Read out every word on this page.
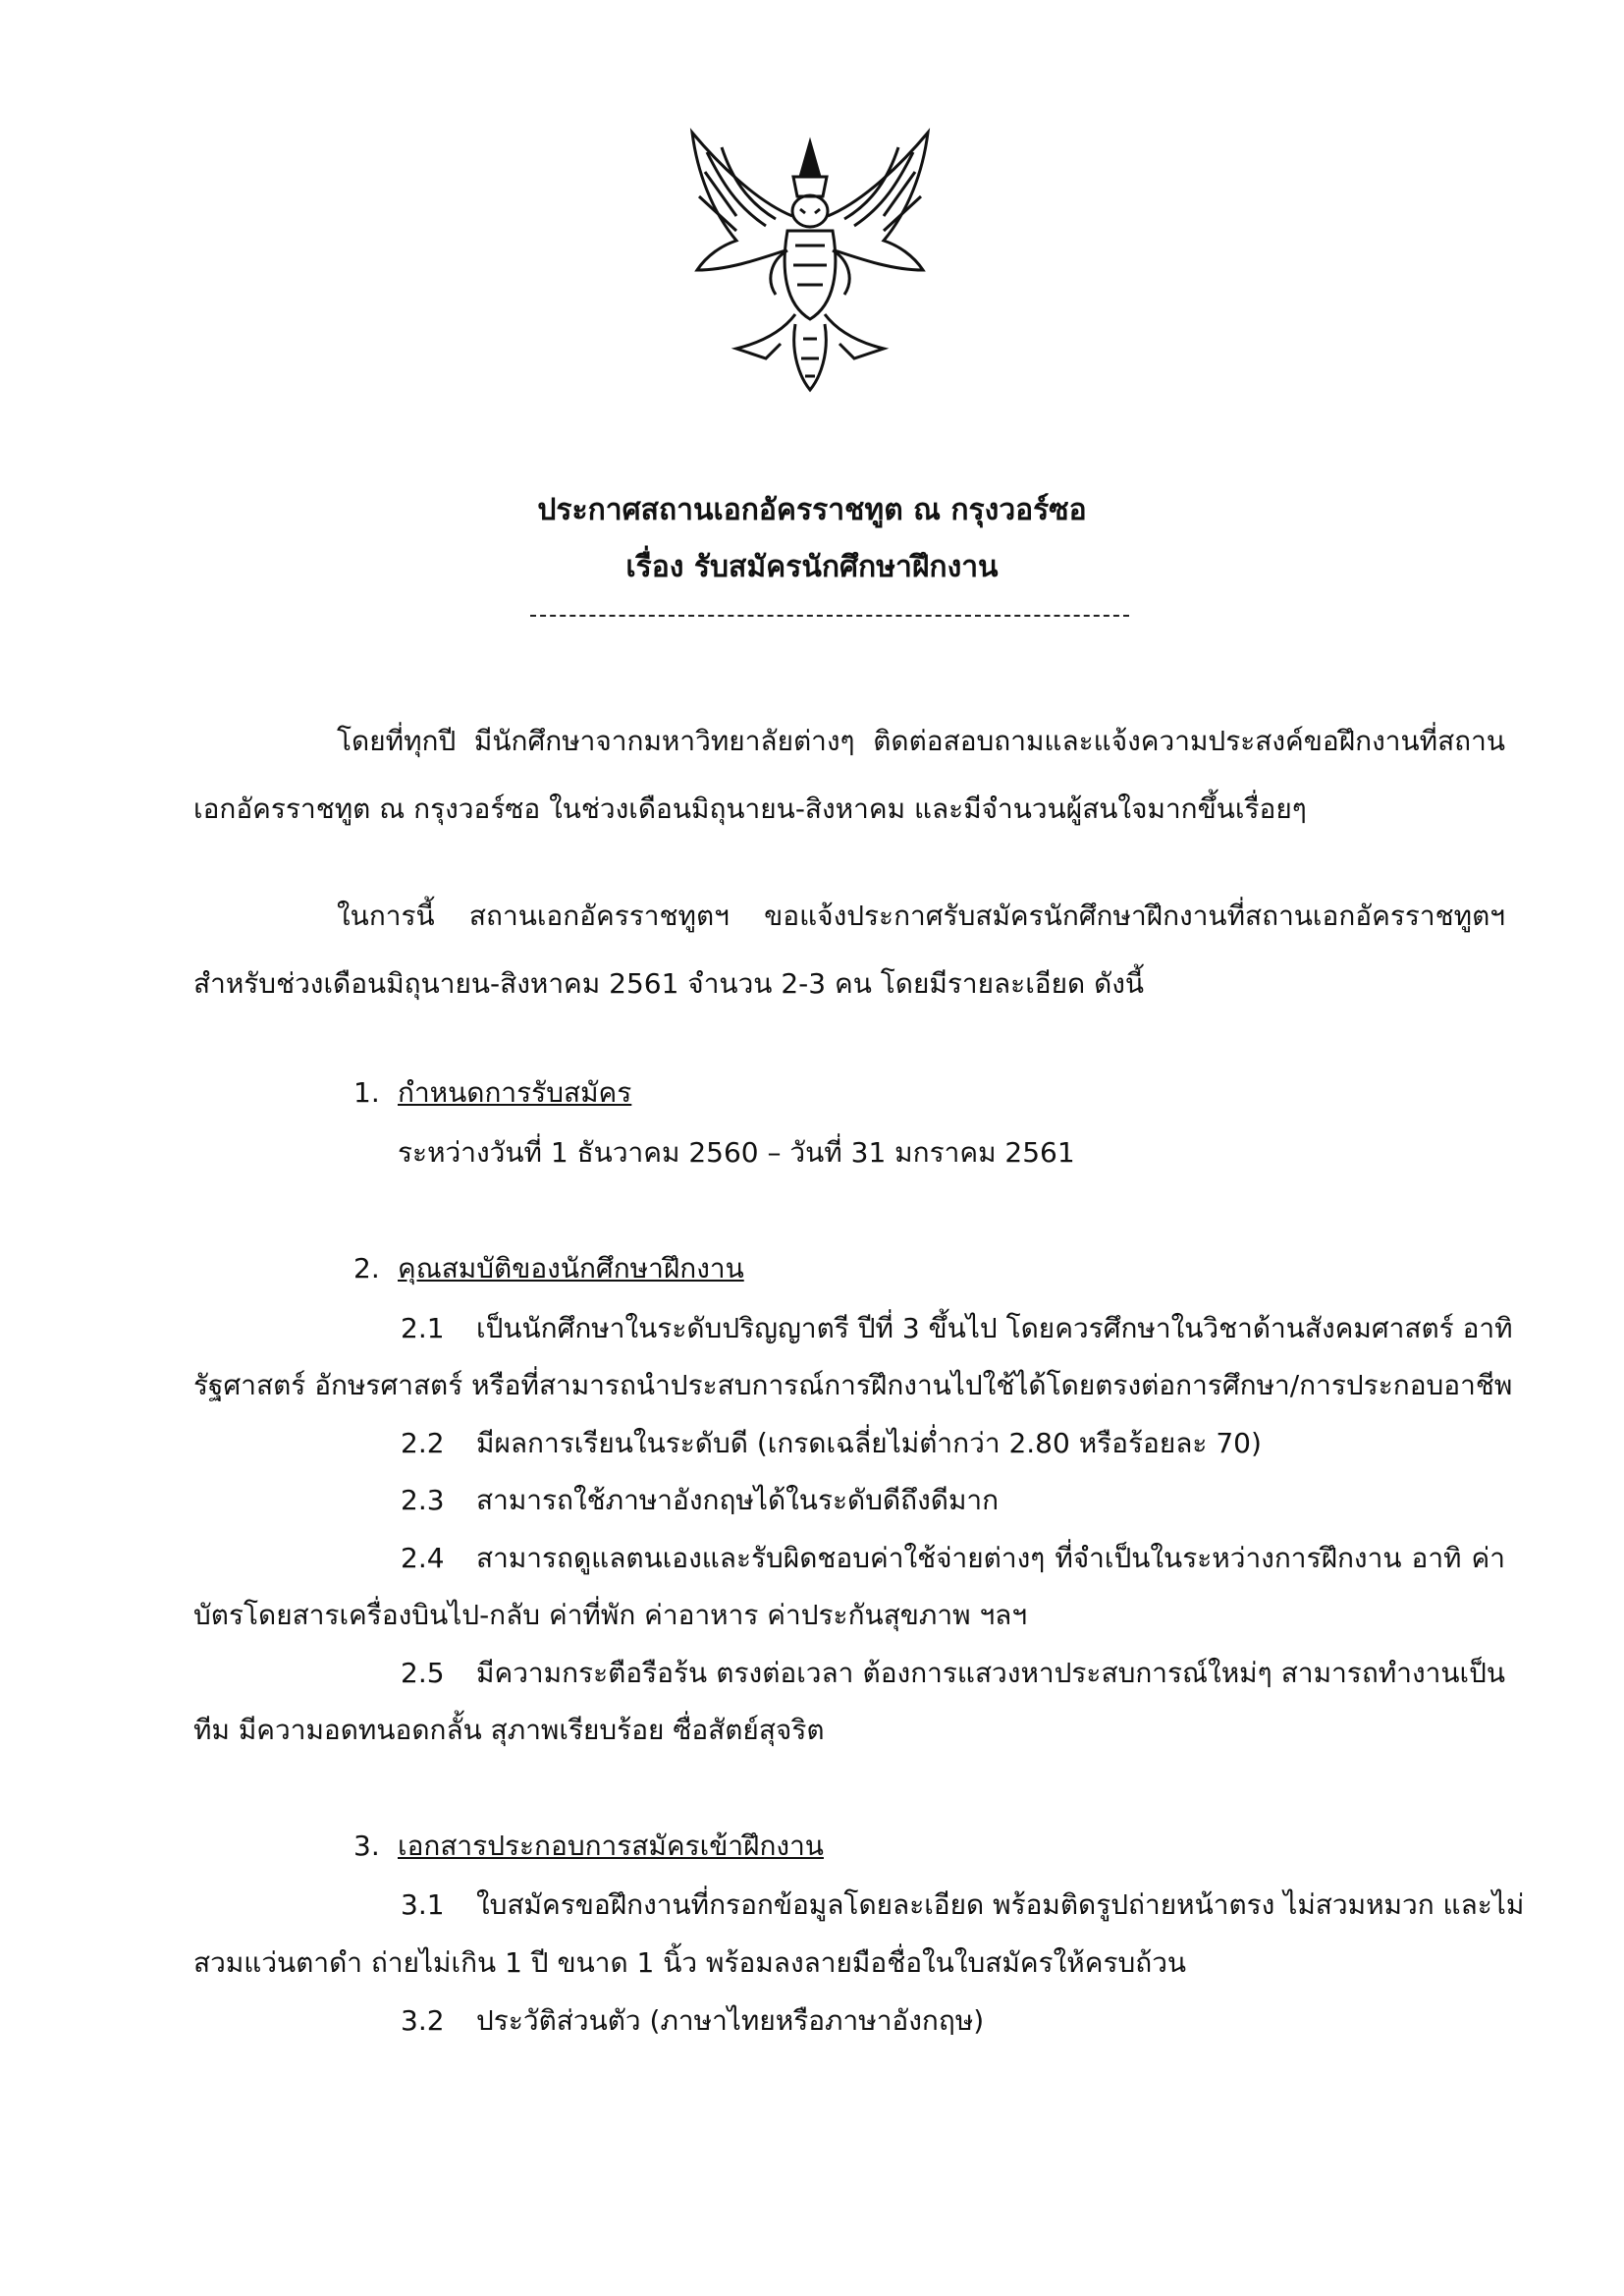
ประกาศสถานเอกอัครราชทูต ณ กรุงวอร์ซอ
เรื่อง รับสมัครนักศึกษาฝึกงาน
โดยที่ทุกปี มีนักศึกษาจากมหาวิทยาลัยต่างๆ ติดต่อสอบถามและแจ้งความประสงค์ขอฝึกงานที่สถาน
เอกอัครราชทูต ณ กรุงวอร์ซอ ในช่วงเดือนมิถุนายน-สิงหาคม และมีจำนวนผู้สนใจมากขึ้นเรื่อยๆ
ในการนี้ สถานเอกอัครราชทูตฯ ขอแจ้งประกาศรับสมัครนักศึกษาฝึกงานที่สถานเอกอัครราชทูตฯ
สำหรับช่วงเดือนมิถุนายน-สิงหาคม 2561 จำนวน 2-3 คน โดยมีรายละเอียด ดังนี้
1. กำหนดการรับสมัคร
ระหว่างวันที่ 1 ธันวาคม 2560 – วันที่ 31 มกราคม 2561
2. คุณสมบัติของนักศึกษาฝึกงาน
2.1 เป็นนักศึกษาในระดับปริญญาตรี ปีที่ 3 ขึ้นไป โดยควรศึกษาในวิชาด้านสังคมศาสตร์ อาทิ
รัฐศาสตร์ อักษรศาสตร์ หรือที่สามารถนำประสบการณ์การฝึกงานไปใช้ได้โดยตรงต่อการศึกษา/การประกอบอาชีพ
2.2 มีผลการเรียนในระดับดี (เกรดเฉลี่ยไม่ต่ำกว่า 2.80 หรือร้อยละ 70)
2.3 สามารถใช้ภาษาอังกฤษได้ในระดับดีถึงดีมาก
2.4 สามารถดูแลตนเองและรับผิดชอบค่าใช้จ่ายต่างๆ ที่จำเป็นในระหว่างการฝึกงาน อาทิ ค่า
บัตรโดยสารเครื่องบินไป-กลับ ค่าที่พัก ค่าอาหาร ค่าประกันสุขภาพ ฯลฯ
2.5 มีความกระตือรือร้น ตรงต่อเวลา ต้องการแสวงหาประสบการณ์ใหม่ๆ สามารถทำงานเป็น
ทีม มีความอดทนอดกลั้น สุภาพเรียบร้อย ซื่อสัตย์สุจริต
3. เอกสารประกอบการสมัครเข้าฝึกงาน
3.1 ใบสมัครขอฝึกงานที่กรอกข้อมูลโดยละเอียด พร้อมติดรูปถ่ายหน้าตรง ไม่สวมหมวก และไม่
สวมแว่นตาดำ ถ่ายไม่เกิน 1 ปี ขนาด 1 นิ้ว พร้อมลงลายมือชื่อในใบสมัครให้ครบถ้วน
3.2 ประวัติส่วนตัว (ภาษาไทยหรือภาษาอังกฤษ)
